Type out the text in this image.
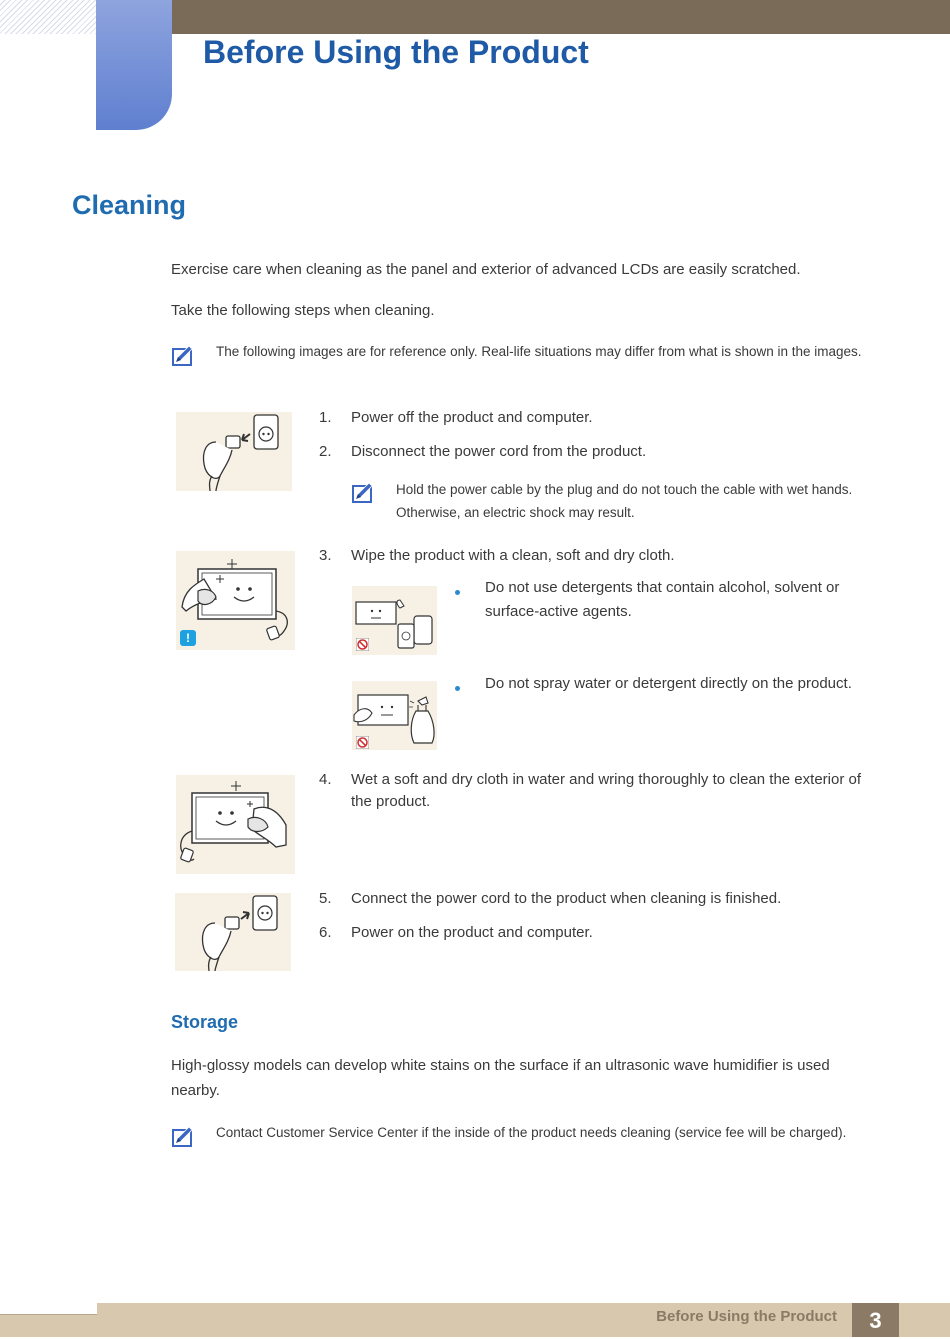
Before Using the Product
Cleaning
Exercise care when cleaning as the panel and exterior of advanced LCDs are easily scratched.
Take the following steps when cleaning.
The following images are for reference only. Real-life situations may differ from what is shown in the images.
1. Power off the product and computer.
2. Disconnect the power cord from the product.
Hold the power cable by the plug and do not touch the cable with wet hands. Otherwise, an electric shock may result.
!
3. Wipe the product with a clean, soft and dry cloth.
Do not use detergents that contain alcohol, solvent or surface-active agents.
Do not spray water or detergent directly on the product.
4. Wet a soft and dry cloth in water and wring thoroughly to clean the exterior of the product.
5. Connect the power cord to the product when cleaning is finished.
6. Power on the product and computer.
Storage
High-glossy models can develop white stains on the surface if an ultrasonic wave humidifier is used nearby.
Contact Customer Service Center if the inside of the product needs cleaning (service fee will be charged).
Before Using the Product	3
